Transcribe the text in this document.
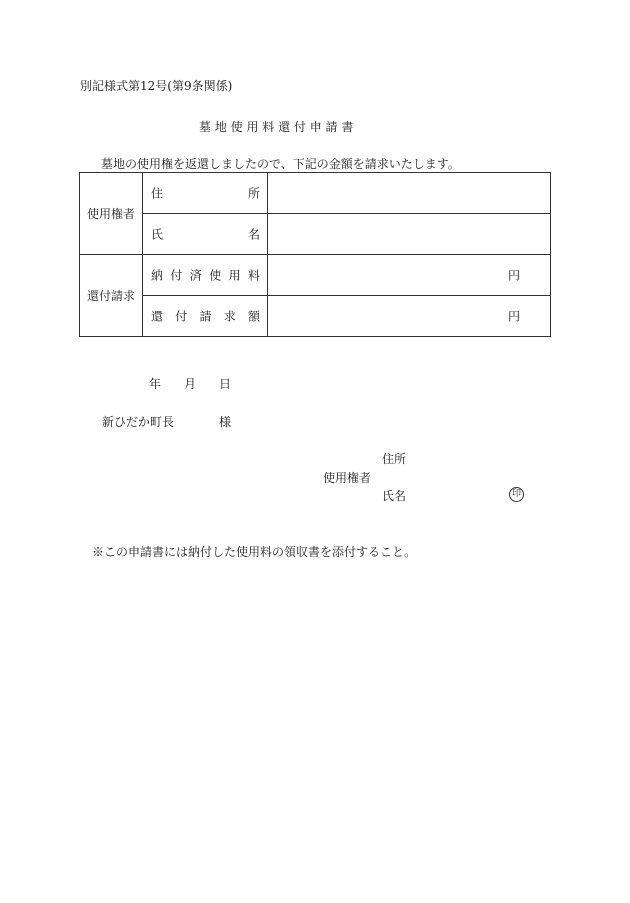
別記様式第12号(第9条関係)
墓 地 使 用 料 還 付 申 請 書
墓地の使用権を返還しましたので、下記の金額を請求いたします。
使用権者	住 所	

	氏 名	

還付請求	納付済使用料	円

	還付請求額	円
年 月 日
新ひだか町長	様
住所
使用権者
氏名	印
※この申請書には納付した使用料の領収書を添付すること。
